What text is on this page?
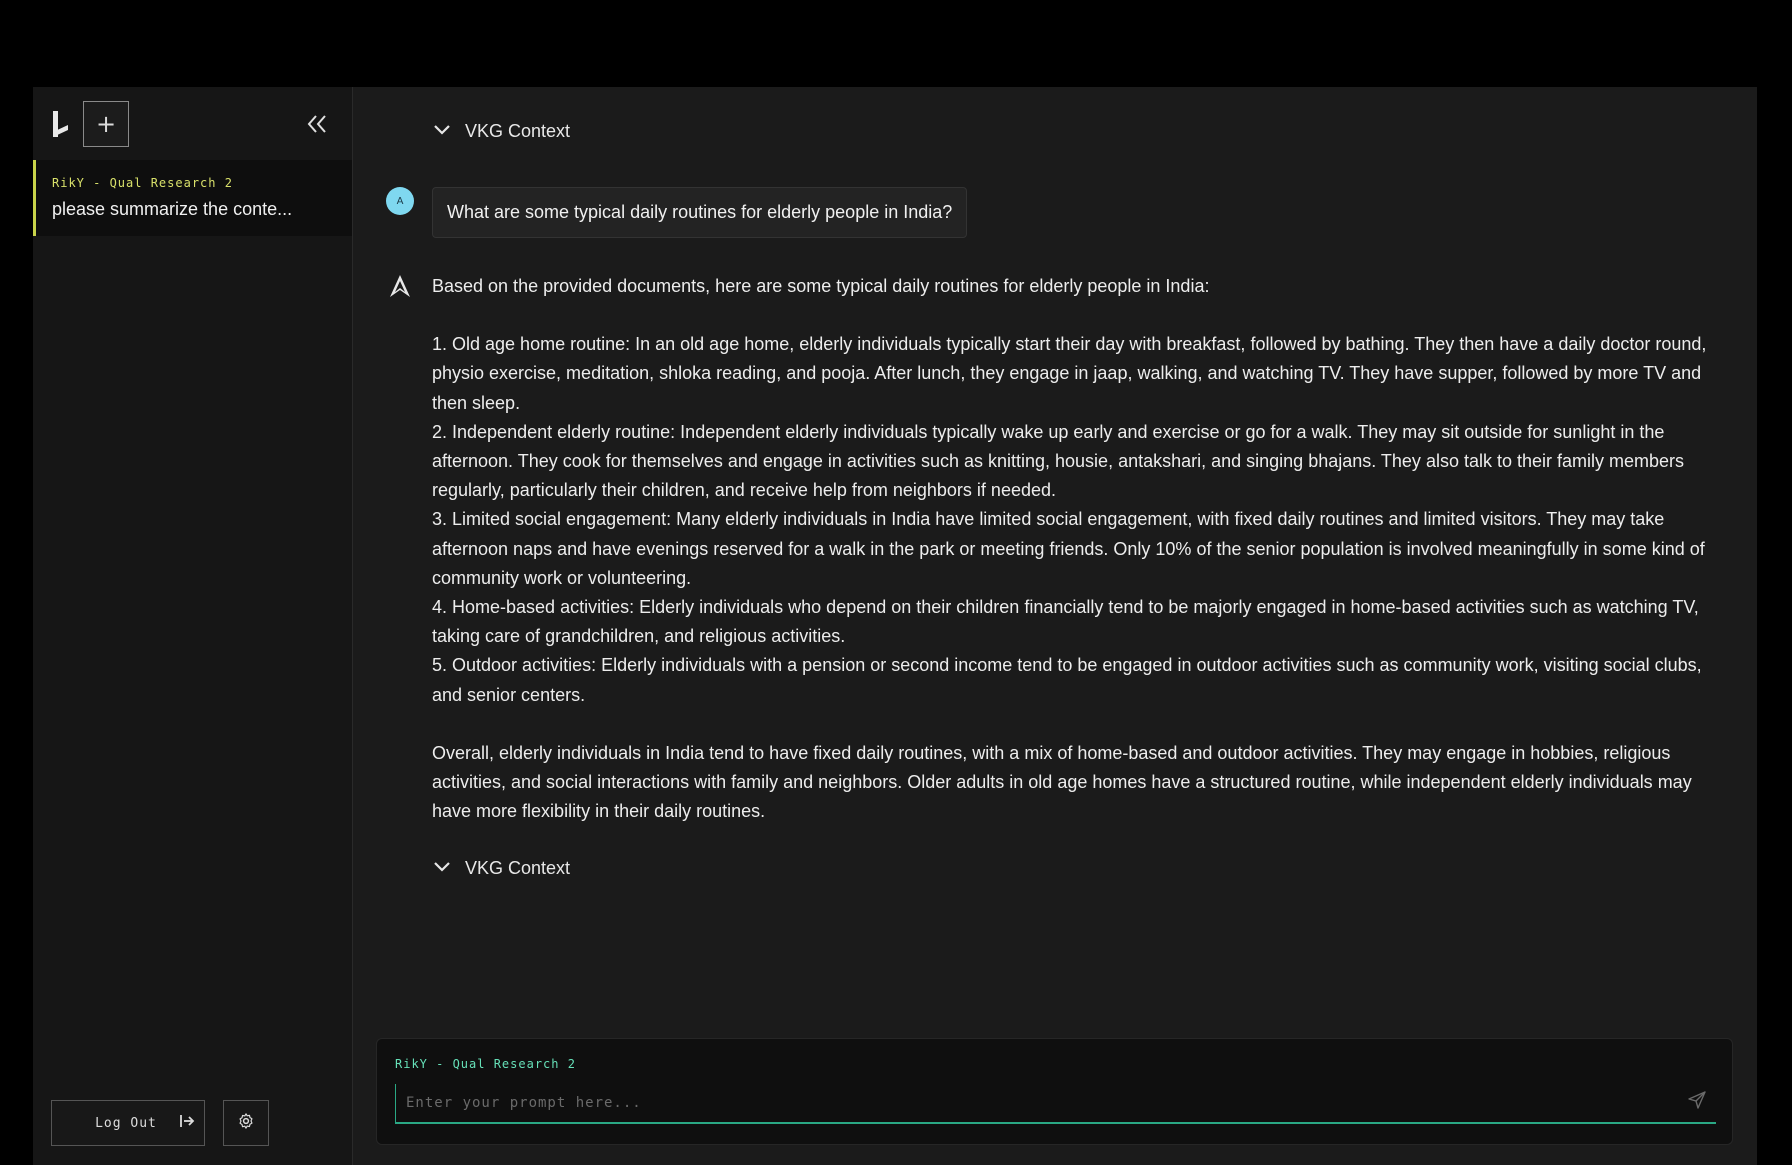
+
RikY - Qual Research 2
please summarize the conte...
Log Out
VKG Context
A
What are some typical daily routines for elderly people in India?

Based on the provided documents, here are some typical daily routines for elderly people in India:

1. Old age home routine: In an old age home, elderly individuals typically start their day with breakfast, followed by bathing. They then have a daily doctor round, physio exercise, meditation, shloka reading, and pooja. After lunch, they engage in jaap, walking, and watching TV. They have supper, followed by more TV and then sleep.

2. Independent elderly routine: Independent elderly individuals typically wake up early and exercise or go for a walk. They may sit outside for sunlight in the afternoon. They cook for themselves and engage in activities such as knitting, housie, antakshari, and singing bhajans. They also talk to their family members regularly, particularly their children, and receive help from neighbors if needed.

3. Limited social engagement: Many elderly individuals in India have limited social engagement, with fixed daily routines and limited visitors. They may take afternoon naps and have evenings reserved for a walk in the park or meeting friends. Only 10% of the senior population is involved meaningfully in some kind of community work or volunteering.

4. Home-based activities: Elderly individuals who depend on their children financially tend to be majorly engaged in home-based activities such as watching TV, taking care of grandchildren, and religious activities.

5. Outdoor activities: Elderly individuals with a pension or second income tend to be engaged in outdoor activities such as community work, visiting social clubs, and senior centers.

Overall, elderly individuals in India tend to have fixed daily routines, with a mix of home-based and outdoor activities. They may engage in hobbies, religious activities, and social interactions with family and neighbors. Older adults in old age homes have a structured routine, while independent elderly individuals may have more flexibility in their daily routines.

VKG Context
RikY - Qual Research 2
Enter your prompt here...
